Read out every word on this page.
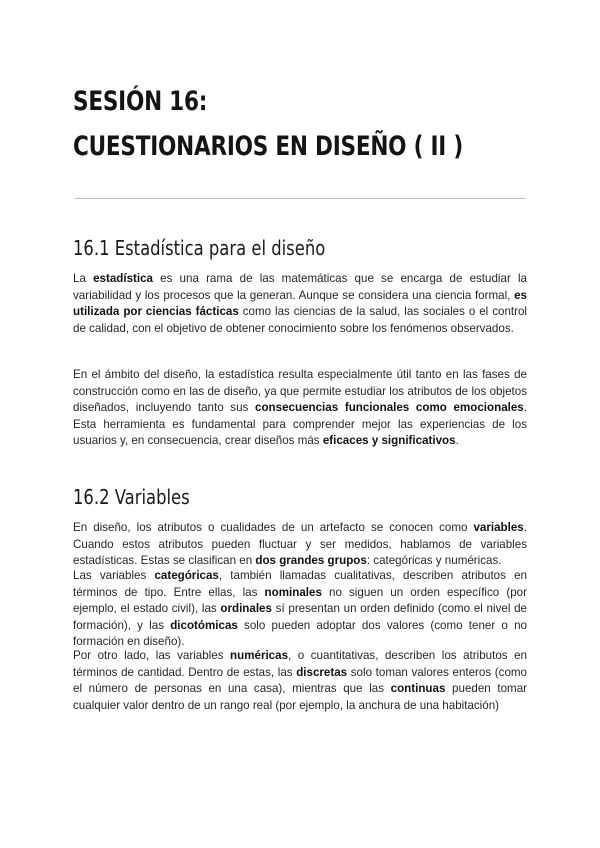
SESIÓN 16:
CUESTIONARIOS EN DISEÑO ( II )
16.1 Estadística para el diseño

La estadística es una rama de las matemáticas que se encarga de estudiar la variabilidad y los procesos que la generan. Aunque se considera una ciencia formal, es utilizada por ciencias fácticas como las ciencias de la salud, las sociales o el control de calidad, con el objetivo de obtener conocimiento sobre los fenómenos observados.

En el ámbito del diseño, la estadística resulta especialmente útil tanto en las fases de construcción como en las de diseño, ya que permite estudiar los atributos de los objetos diseñados, incluyendo tanto sus consecuencias funcionales como emocionales. Esta herramienta es fundamental para comprender mejor las experiencias de los usuarios y, en consecuencia, crear diseños más eficaces y significativos.

16.2 Variables

En diseño, los atributos o cualidades de un artefacto se conocen como variables. Cuando estos atributos pueden fluctuar y ser medidos, hablamos de variables estadísticas. Estas se clasifican en dos grandes grupos: categóricas y numéricas.

Las variables categóricas, también llamadas cualitativas, describen atributos en términos de tipo. Entre ellas, las nominales no siguen un orden específico (por ejemplo, el estado civil), las ordinales sí presentan un orden definido (como el nivel de formación), y las dicotómicas solo pueden adoptar dos valores (como tener o no formación en diseño).

Por otro lado, las variables numéricas, o cuantitativas, describen los atributos en términos de cantidad. Dentro de estas, las discretas solo toman valores enteros (como el número de personas en una casa), mientras que las continuas pueden tomar cualquier valor dentro de un rango real (por ejemplo, la anchura de una habitación)
